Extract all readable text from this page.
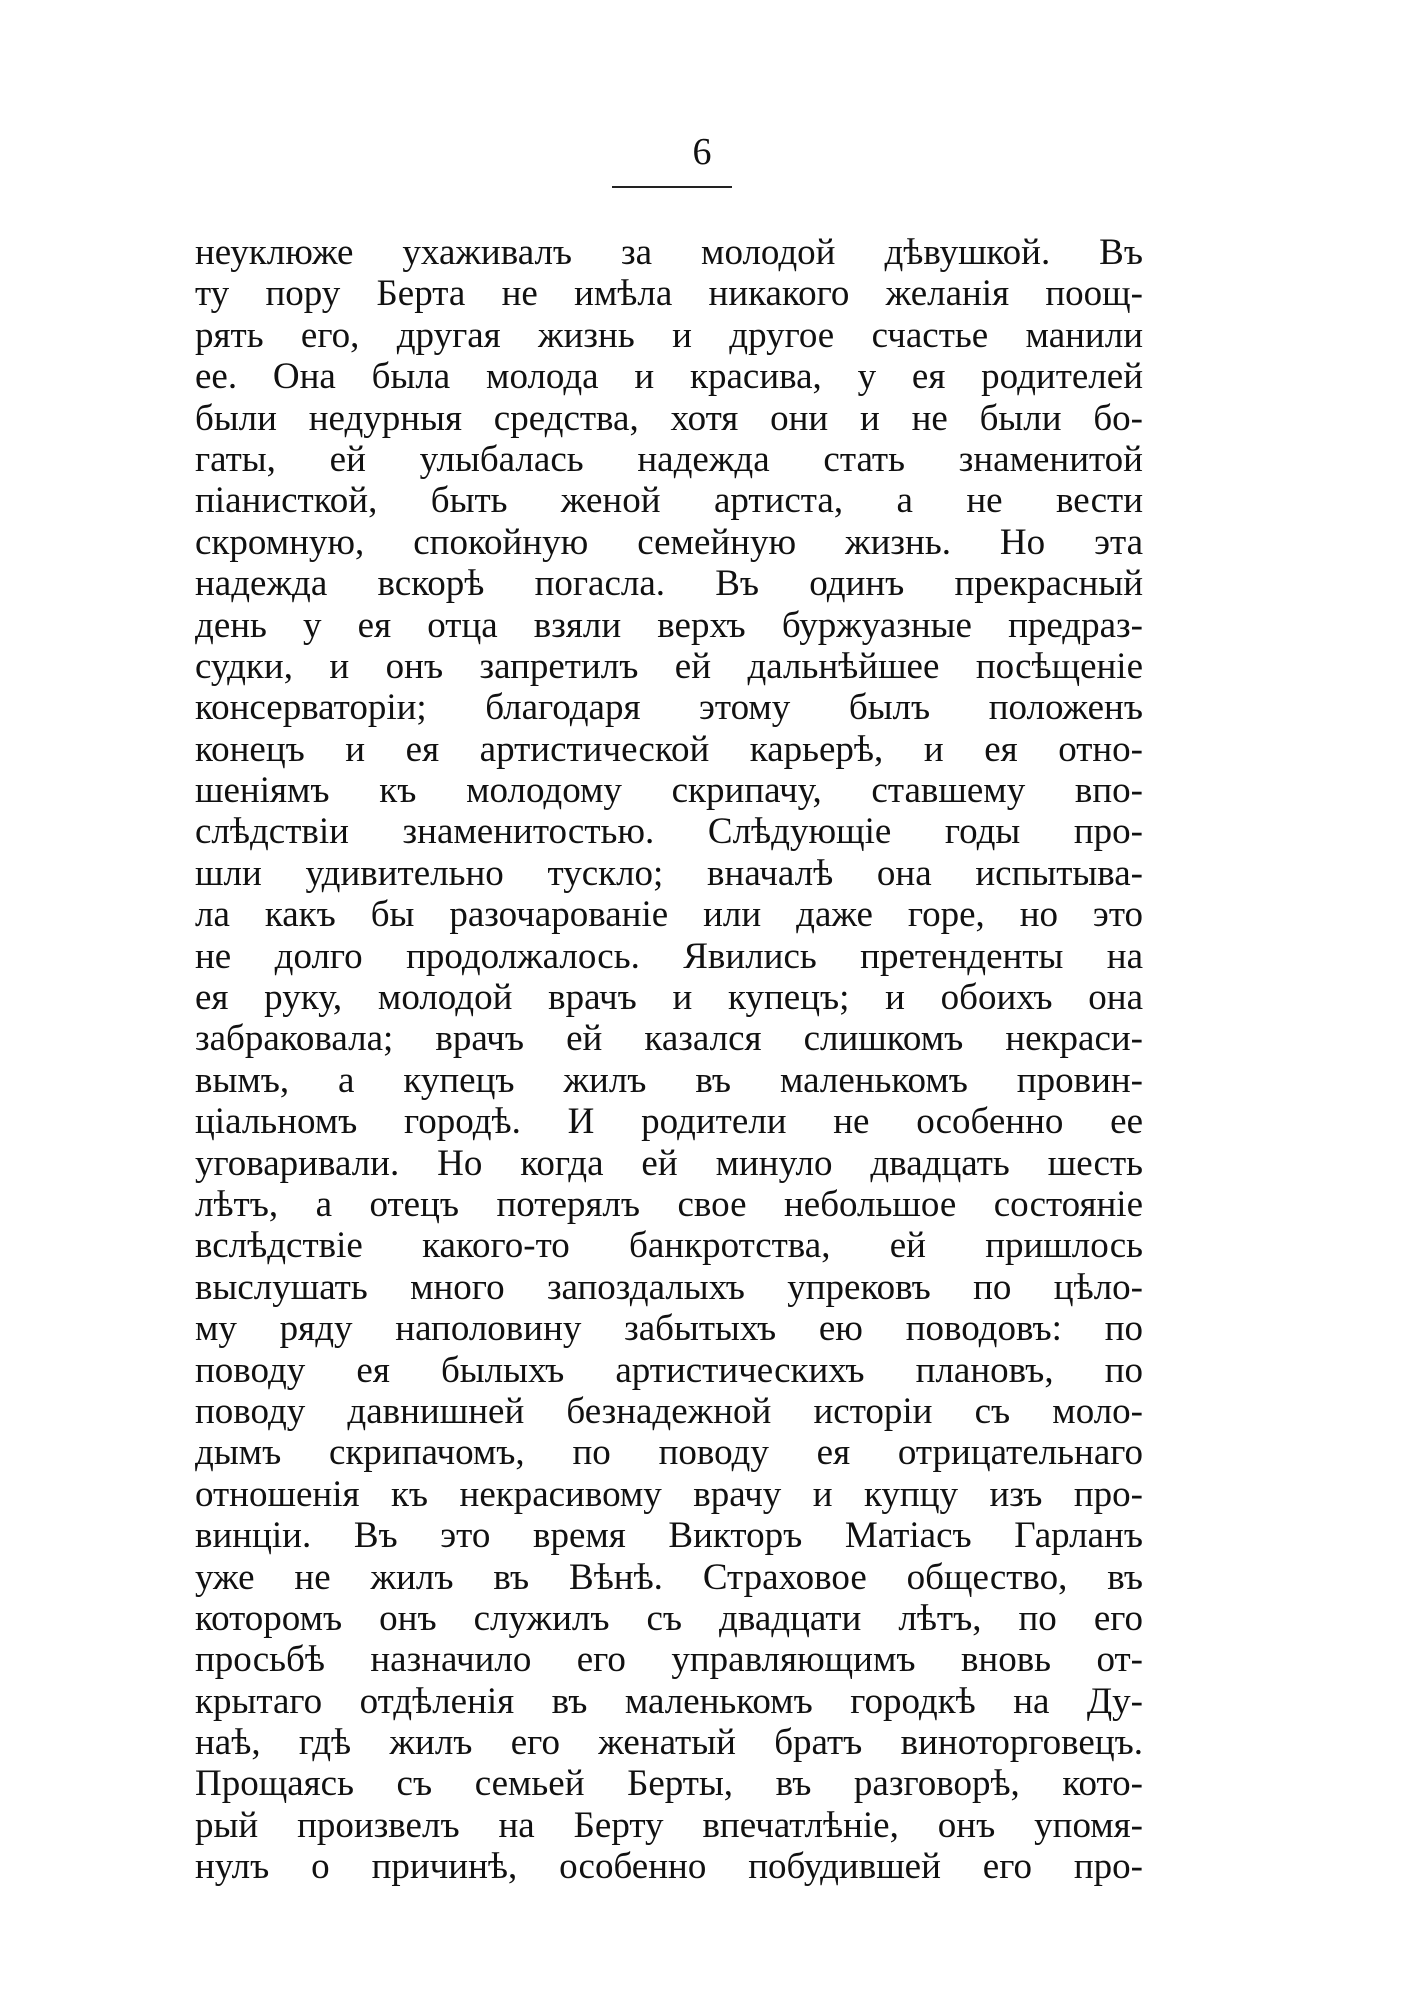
6
неуклюже ухаживалъ за молодой дѣвушкой. Въ
ту пору Берта не имѣла никакого желанія поощ-
рять его, другая жизнь и другое счастье манили
ее. Она была молода и красива, у ея родителей
были недурныя средства, хотя они и не были бо-
гаты, ей улыбалась надежда стать знаменитой
піанисткой, быть женой артиста, а не вести
скромную, спокойную семейную жизнь. Но эта
надежда вскорѣ погасла. Въ одинъ прекрасный
день у ея отца взяли верхъ буржуазные предраз-
судки, и онъ запретилъ ей дальнѣйшее посѣщеніе
консерваторіи; благодаря этому былъ положенъ
конецъ и ея артистической карьерѣ, и ея отно-
шеніямъ къ молодому скрипачу, ставшему впо-
слѣдствіи знаменитостью. Слѣдующіе годы про-
шли удивительно тускло; вначалѣ она испытыва-
ла какъ бы разочарованіе или даже горе, но это
не долго продолжалось. Явились претенденты на
ея руку, молодой врачъ и купецъ; и обоихъ она
забраковала; врачъ ей казался слишкомъ некраси-
вымъ, а купецъ жилъ въ маленькомъ провин-
ціальномъ городѣ. И родители не особенно ее
уговаривали. Но когда ей минуло двадцать шесть
лѣтъ, а отецъ потерялъ свое небольшое состояніе
вслѣдствіе какого-то банкротства, ей пришлось
выслушать много запоздалыхъ упрековъ по цѣло-
му ряду наполовину забытыхъ ею поводовъ: по
поводу ея былыхъ артистическихъ плановъ, по
поводу давнишней безнадежной исторіи съ моло-
дымъ скрипачомъ, по поводу ея отрицательнаго
отношенія къ некрасивому врачу и купцу изъ про-
винціи. Въ это время Викторъ Матіасъ Гарланъ
уже не жилъ въ Вѣнѣ. Страховое общество, въ
которомъ онъ служилъ съ двадцати лѣтъ, по его
просьбѣ назначило его управляющимъ вновь от-
крытаго отдѣленія въ маленькомъ городкѣ на Ду-
наѣ, гдѣ жилъ его женатый братъ виноторговецъ.
Прощаясь съ семьей Берты, въ разговорѣ, кото-
рый произвелъ на Берту впечатлѣніе, онъ упомя-
нулъ о причинѣ, особенно побудившей его про-
